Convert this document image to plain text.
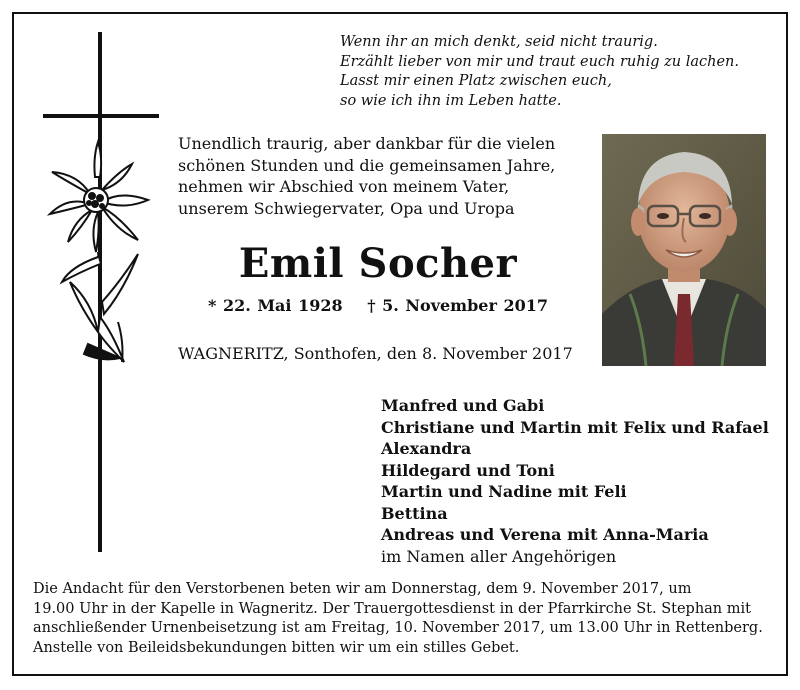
Wenn ihr an mich denkt, seid nicht traurig.
Erzählt lieber von mir und traut euch ruhig zu lachen.
Lasst mir einen Platz zwischen euch,
so wie ich ihn im Leben hatte.
Unendlich traurig, aber dankbar für die vielen
schönen Stunden und die gemeinsamen Jahre,
nehmen wir Abschied von meinem Vater,
unserem Schwiegervater, Opa und Uropa
Emil Socher
* 22. Mai 1928 † 5. November 2017
WAGNERITZ, Sonthofen, den 8. November 2017
Manfred und Gabi
Christiane und Martin mit Felix und Rafael
Alexandra
Hildegard und Toni
Martin und Nadine mit Feli
Bettina
Andreas und Verena mit Anna-Maria
im Namen aller Angehörigen
Die Andacht für den Verstorbenen beten wir am Donnerstag, dem 9. November 2017, um
19.00 Uhr in der Kapelle in Wagneritz. Der Trauergottesdienst in der Pfarrkirche St. Stephan mit
anschließender Urnenbeisetzung ist am Freitag, 10. November 2017, um 13.00 Uhr in Rettenberg.
Anstelle von Beileidsbekundungen bitten wir um ein stilles Gebet.
